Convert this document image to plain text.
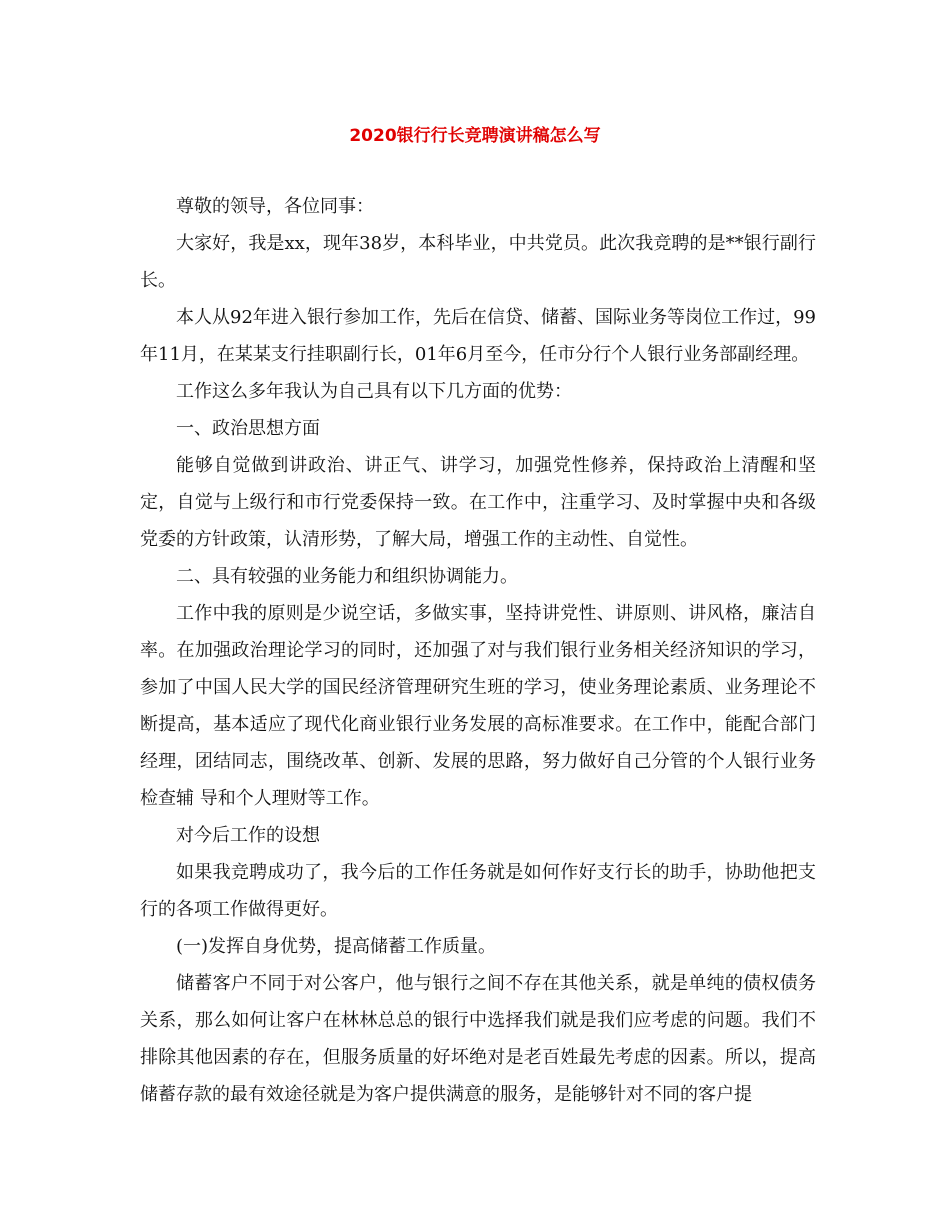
2020银行行长竞聘演讲稿怎么写

尊敬的领导，各位同事：

大家好，我是xx，现年38岁，本科毕业，中共党员。此次我竞聘的是**银行副行长。

本人从92年进入银行参加工作，先后在信贷、储蓄、国际业务等岗位工作过，99年11月，在某某支行挂职副行长，01年6月至今，任市分行个人银行业务部副经理。

工作这么多年我认为自己具有以下几方面的优势：

一、政治思想方面

能够自觉做到讲政治、讲正气、讲学习，加强党性修养，保持政治上清醒和坚定，自觉与上级行和市行党委保持一致。在工作中，注重学习、及时掌握中央和各级党委的方针政策，认清形势，了解大局，增强工作的主动性、自觉性。

二、具有较强的业务能力和组织协调能力。

工作中我的原则是少说空话，多做实事，坚持讲党性、讲原则、讲风格，廉洁自率。在加强政治理论学习的同时，还加强了对与我们银行业务相关经济知识的学习，参加了中国人民大学的国民经济管理研究生班的学习，使业务理论素质、业务理论不断提高，基本适应了现代化商业银行业务发展的高标准要求。在工作中，能配合部门经理，团结同志，围绕改革、创新、发展的思路，努力做好自己分管的个人银行业务检查辅 导和个人理财等工作。

对今后工作的设想

如果我竞聘成功了，我今后的工作任务就是如何作好支行长的助手，协助他把支行的各项工作做得更好。

(一)发挥自身优势，提高储蓄工作质量。

储蓄客户不同于对公客户，他与银行之间不存在其他关系，就是单纯的债权债务关系，那么如何让客户在林林总总的银行中选择我们就是我们应考虑的问题。我们不排除其他因素的存在，但服务质量的好坏绝对是老百姓最先考虑的因素。所以，提高储蓄存款的最有效途径就是为客户提供满意的服务，是能够针对不同的客户提
